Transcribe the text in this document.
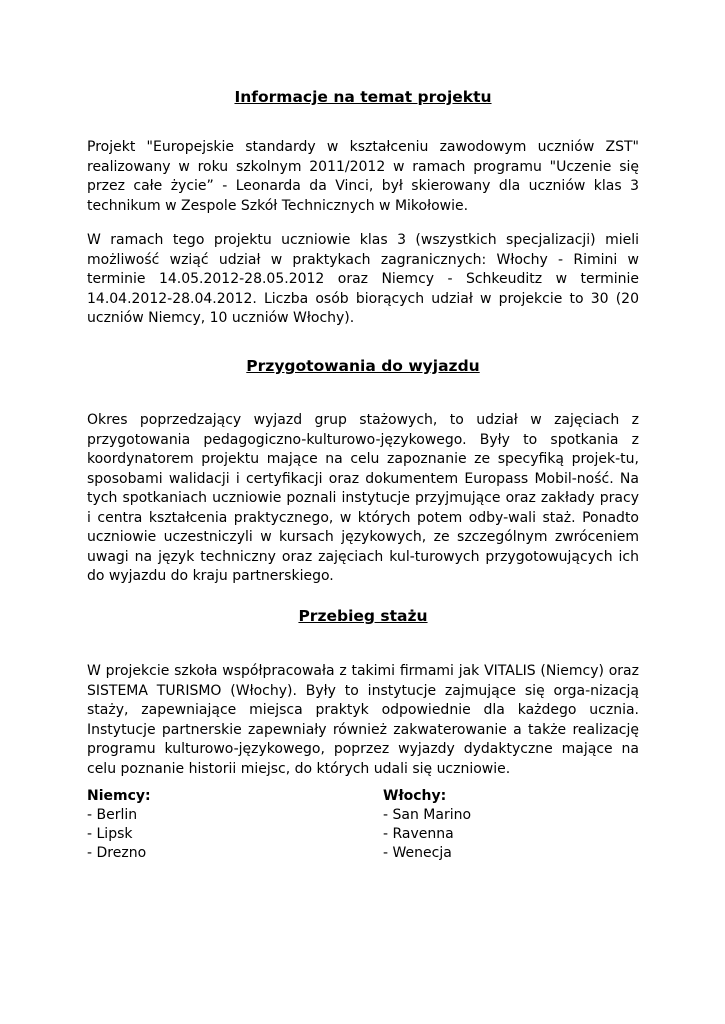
Informacje na temat projektu

Projekt "Europejskie standardy w kształceniu zawodowym uczniów ZST" realizowany w roku szkolnym 2011/2012 w ramach programu "Uczenie się przez całe życie” - Leonarda da Vinci, był skierowany dla uczniów klas 3 technikum w Zespole Szkół Technicznych w Mikołowie.

W ramach tego projektu uczniowie klas 3 (wszystkich specjalizacji) mieli możliwość wziąć udział w praktykach zagranicznych: Włochy - Rimini w terminie 14.05.2012-28.05.2012 oraz Niemcy - Schkeuditz w terminie 14.04.2012-28.04.2012. Liczba osób biorących udział w projekcie to 30 (20 uczniów Niemcy, 10 uczniów Włochy).

Przygotowania do wyjazdu

Okres poprzedzający wyjazd grup stażowych, to udział w zajęciach z przygotowania pedagogiczno-kulturowo-językowego. Były to spotkania z koordynatorem projektu mające na celu zapoznanie ze specyfiką projek-tu, sposobami walidacji i certyfikacji oraz dokumentem Europass Mobil-ność. Na tych spotkaniach uczniowie poznali instytucje przyjmujące oraz zakłady pracy i centra kształcenia praktycznego, w których potem odby-wali staż. Ponadto uczniowie uczestniczyli w kursach językowych, ze szczególnym zwróceniem uwagi na język techniczny oraz zajęciach kul-turowych przygotowujących ich do wyjazdu do kraju partnerskiego.

Przebieg stażu

W projekcie szkoła współpracowała z takimi firmami jak VITALIS (Niemcy) oraz SISTEMA TURISMO (Włochy). Były to instytucje zajmujące się orga-nizacją staży, zapewniające miejsca praktyk odpowiednie dla każdego ucznia. Instytucje partnerskie zapewniały również zakwaterowanie a także realizację programu kulturowo-językowego, poprzez wyjazdy dydaktyczne mające na celu poznanie historii miejsc, do których udali się uczniowie.

Niemcy:
- Berlin
- Lipsk
- Drezno
Włochy:
- San Marino
- Ravenna
- Wenecja
